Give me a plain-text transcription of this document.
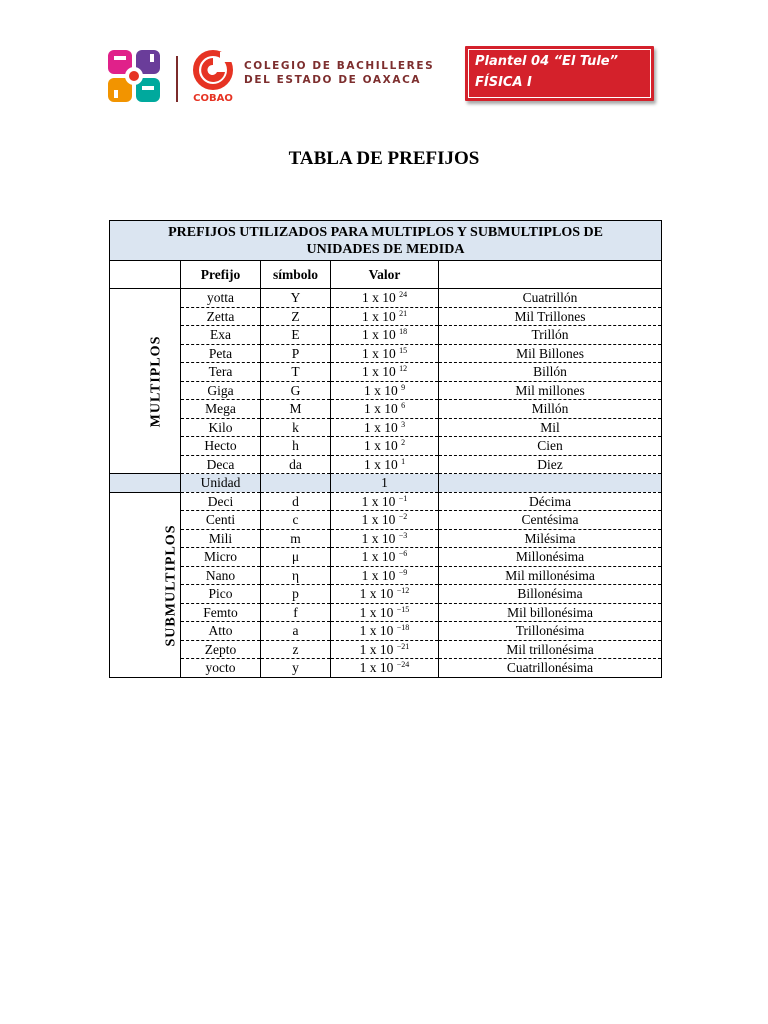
COBAO
COLEGIO DE BACHILLERES
DEL ESTADO DE OAXACA
Plantel 04 “El Tule”
FÍSICA I
TABLA DE PREFIJOS
PREFIJOS UTILIZADOS PARA MULTIPLOS Y SUBMULTIPLOS DE
UNIDADES DE MEDIDA				

	Prefijo	símbolo	Valor	
MULTIPLOS	yotta	Y	1 x 10 $^{24}$	Cuatrillón
	Zetta	Z	1 x 10 $^{21}$	Mil Trillones
	Exa	E	1 x 10 $^{18}$	Trillón
	Peta	P	1 x 10 $^{15}$	Mil Billones
	Tera	T	1 x 10 $^{12}$	Billón
	Giga	G	1 x 10 $^9$	Mil millones
	Mega	M	1 x 10 $^6$	Millón
	Kilo	k	1 x 10 $^3$	Mil
	Hecto	h	1 x 10 $^2$	Cien
	Deca	da	1 x 10 $^1$	Diez
	Unidad		1	
SUBMULTIPLOS	Deci	d	1 x 10 $^{-1}$	Décima
	Centi	c	1 x 10 $^{-2}$	Centésima
	Mili	m	1 x 10 $^{-3}$	Milésima
	Micro	μ	1 x 10 $^{-6}$	Millonésima
	Nano	η	1 x 10 $^{-9}$	Mil millonésima
	Pico	p	1 x 10 $^{-12}$	Billonésima
	Femto	f	1 x 10 $^{-15}$	Mil billonésima
	Atto	a	1 x 10 $^{-18}$	Trillonésima
	Zepto	z	1 x 10 $^{-21}$	Mil trillonésima
	yocto	y	1 x 10 $^{-24}$	Cuatrillonésima
